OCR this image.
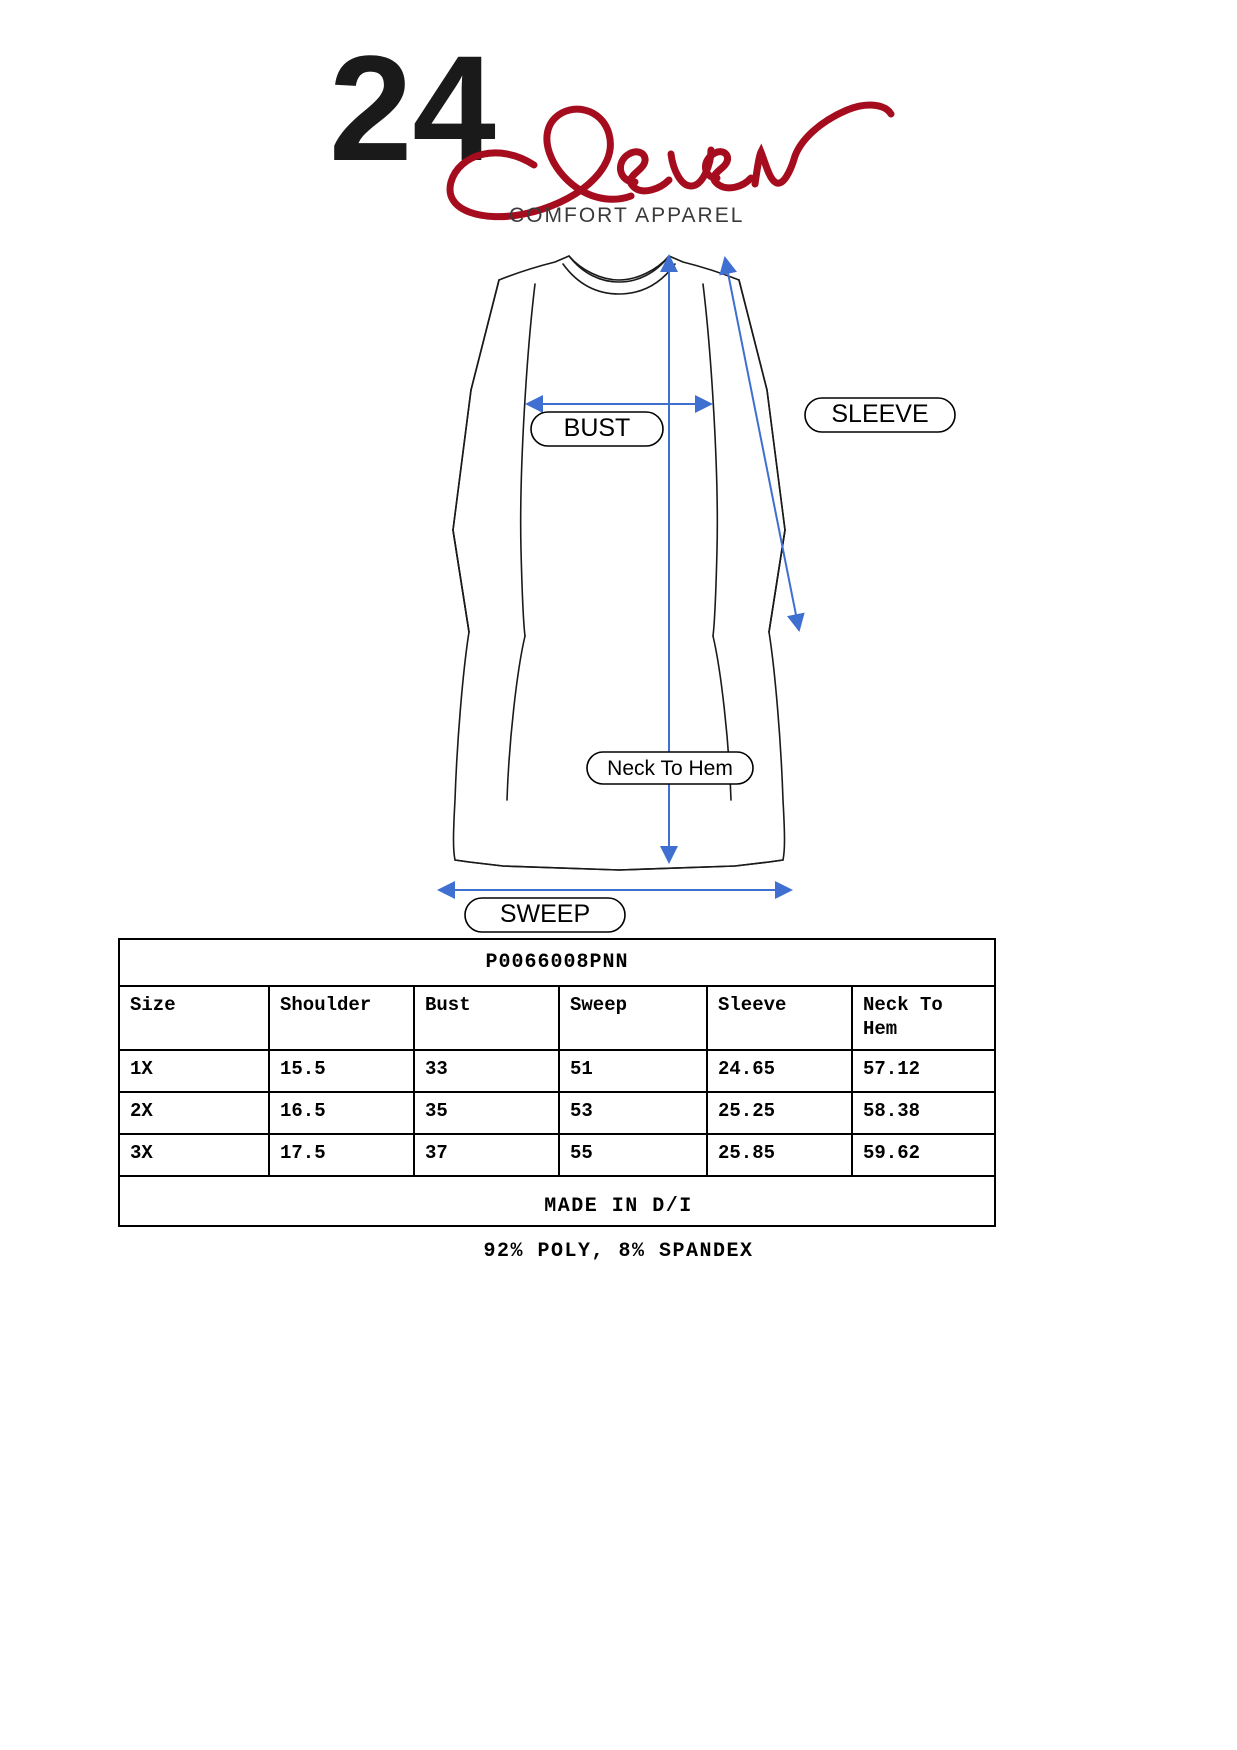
24
COMFORT APPAREL
BUST	SLEEVE
Neck To Hem
SWEEP
P0066008PNN					
Size	Shoulder	Bust	Sweep	Sleeve	Neck To Hem
1X	15.5	33	51	24.65	57.12
2X	16.5	35	53	25.25	58.38
3X	17.5	37	55	25.85	59.62

MADE IN D/I
92% POLY, 8% SPANDEX
